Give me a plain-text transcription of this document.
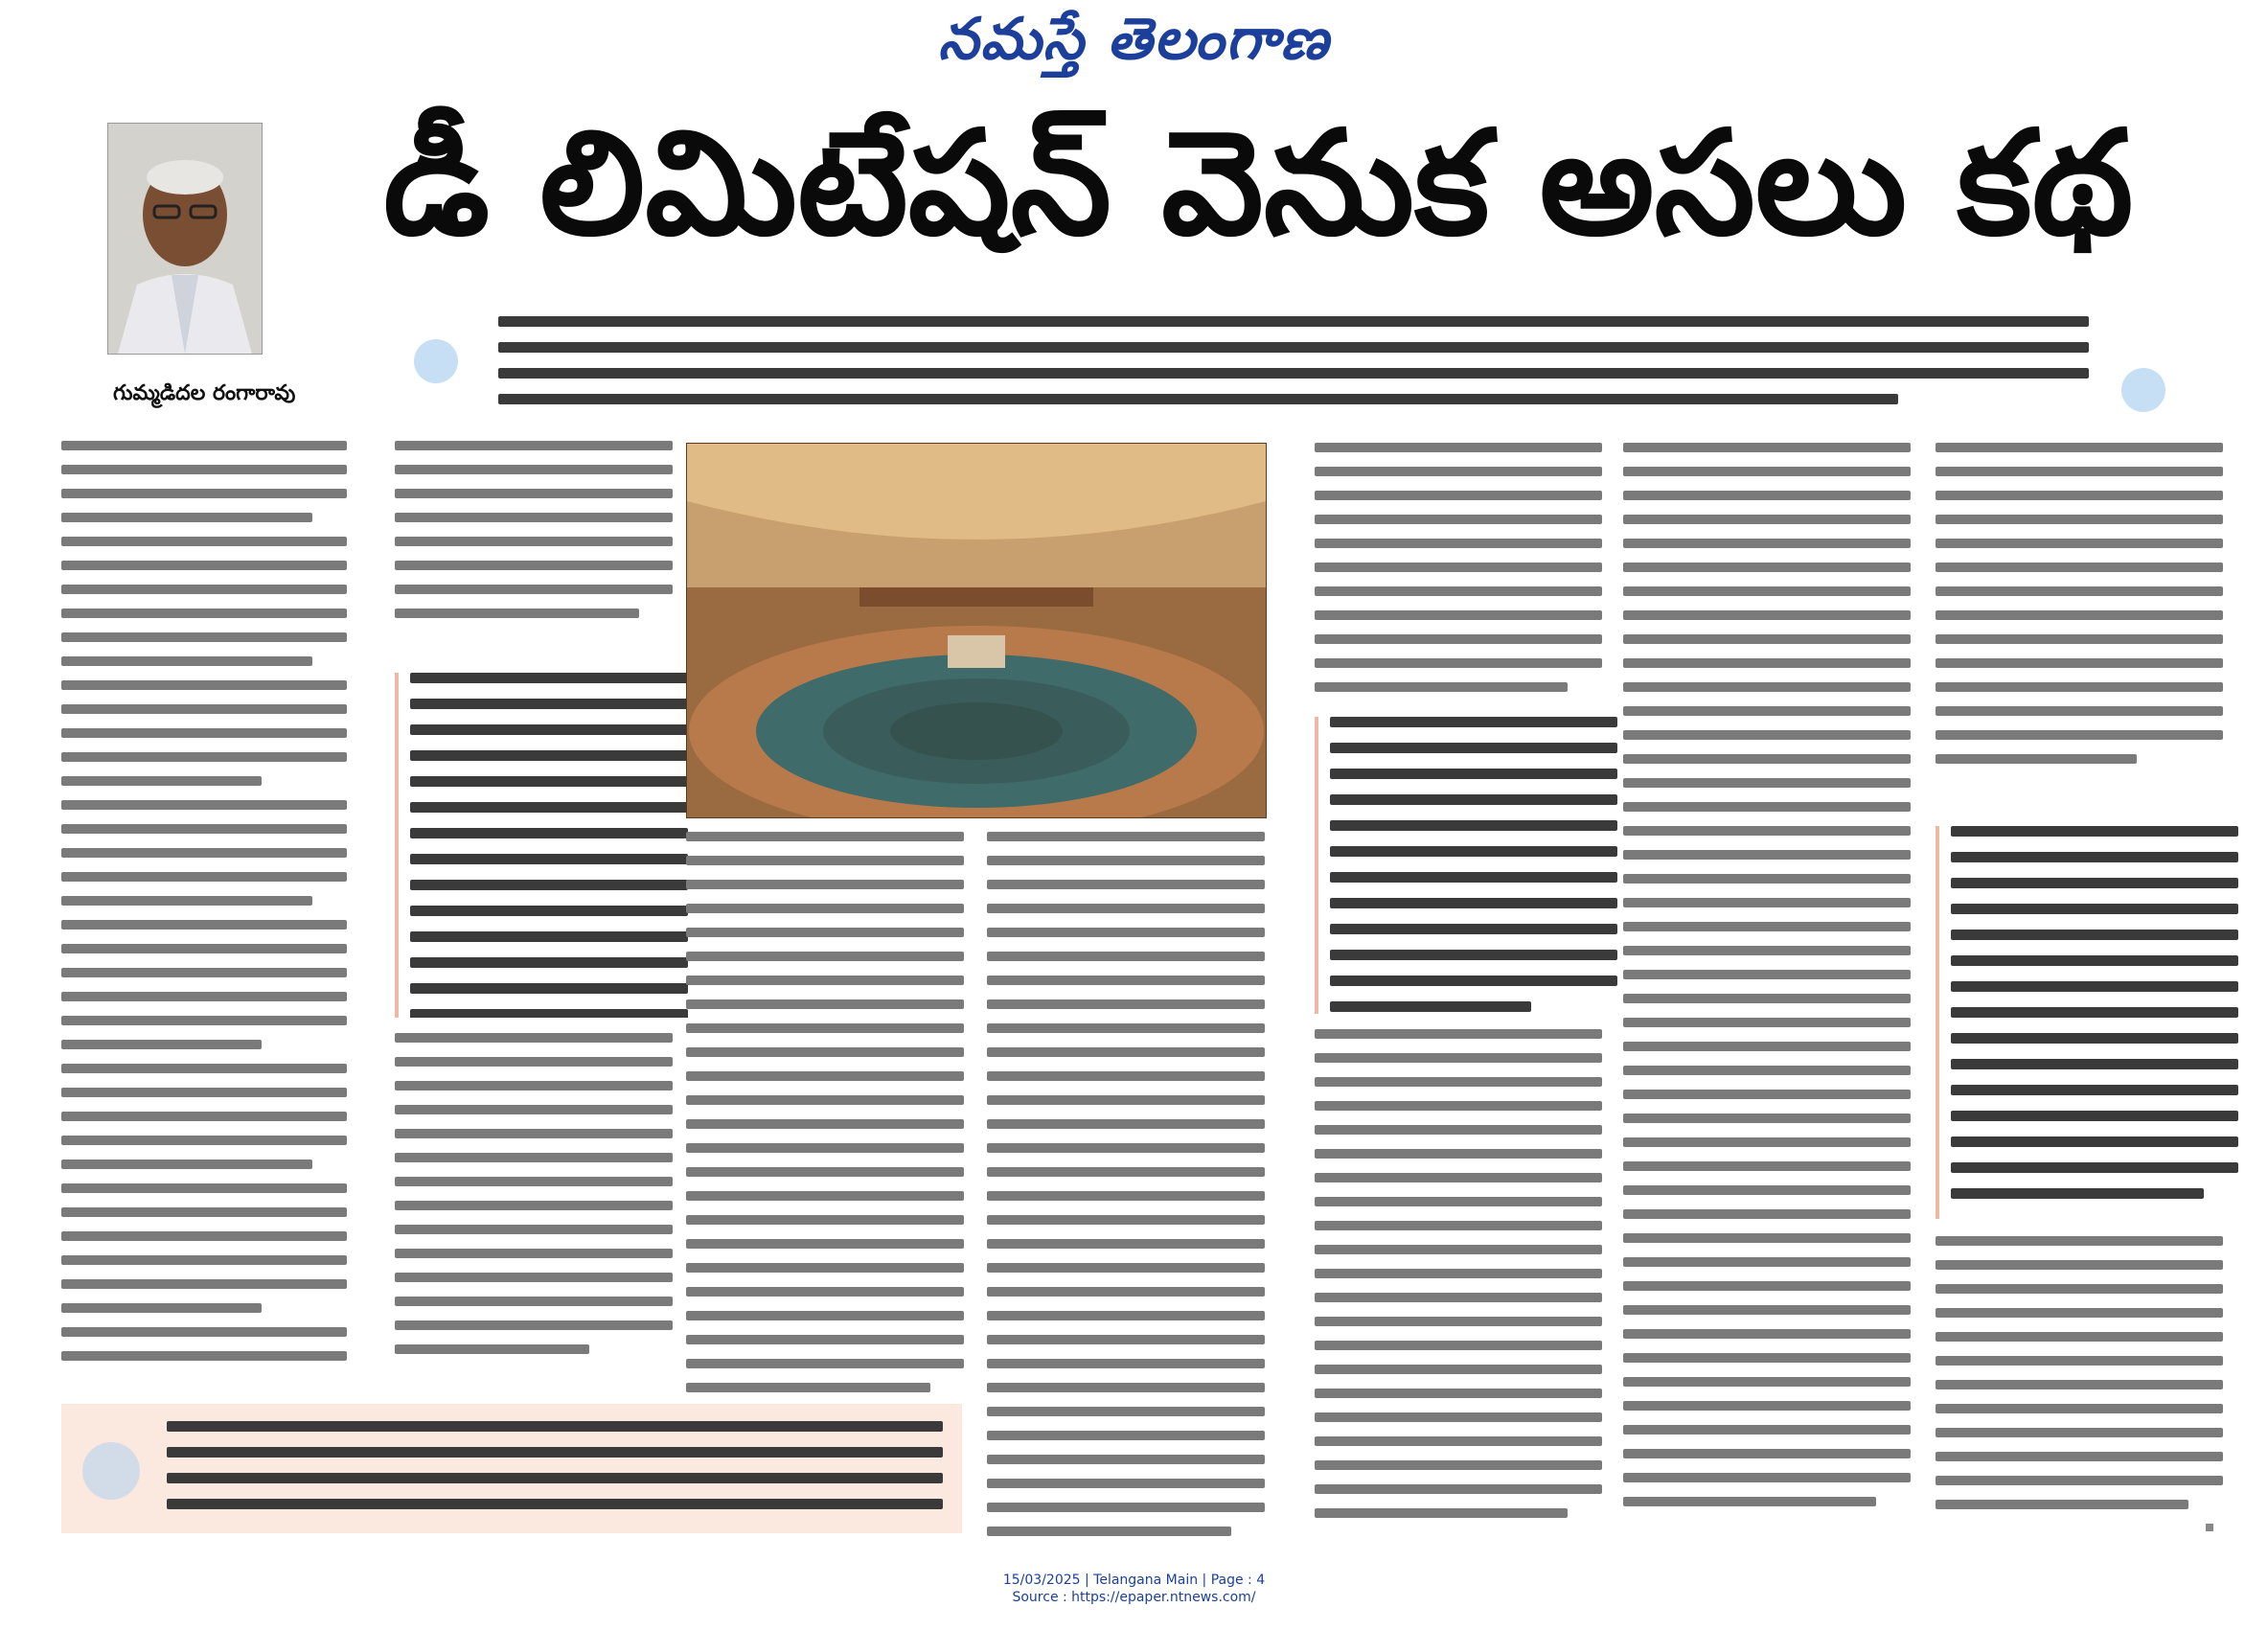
నమస్తే తెలంగాణ
డీ లిమిటేషన్ వెనుక అసలు కథ
గుమ్మడిదల రంగారావు
15/03/2025 | Telangana Main | Page : 4
Source : https://epaper.ntnews.com/
